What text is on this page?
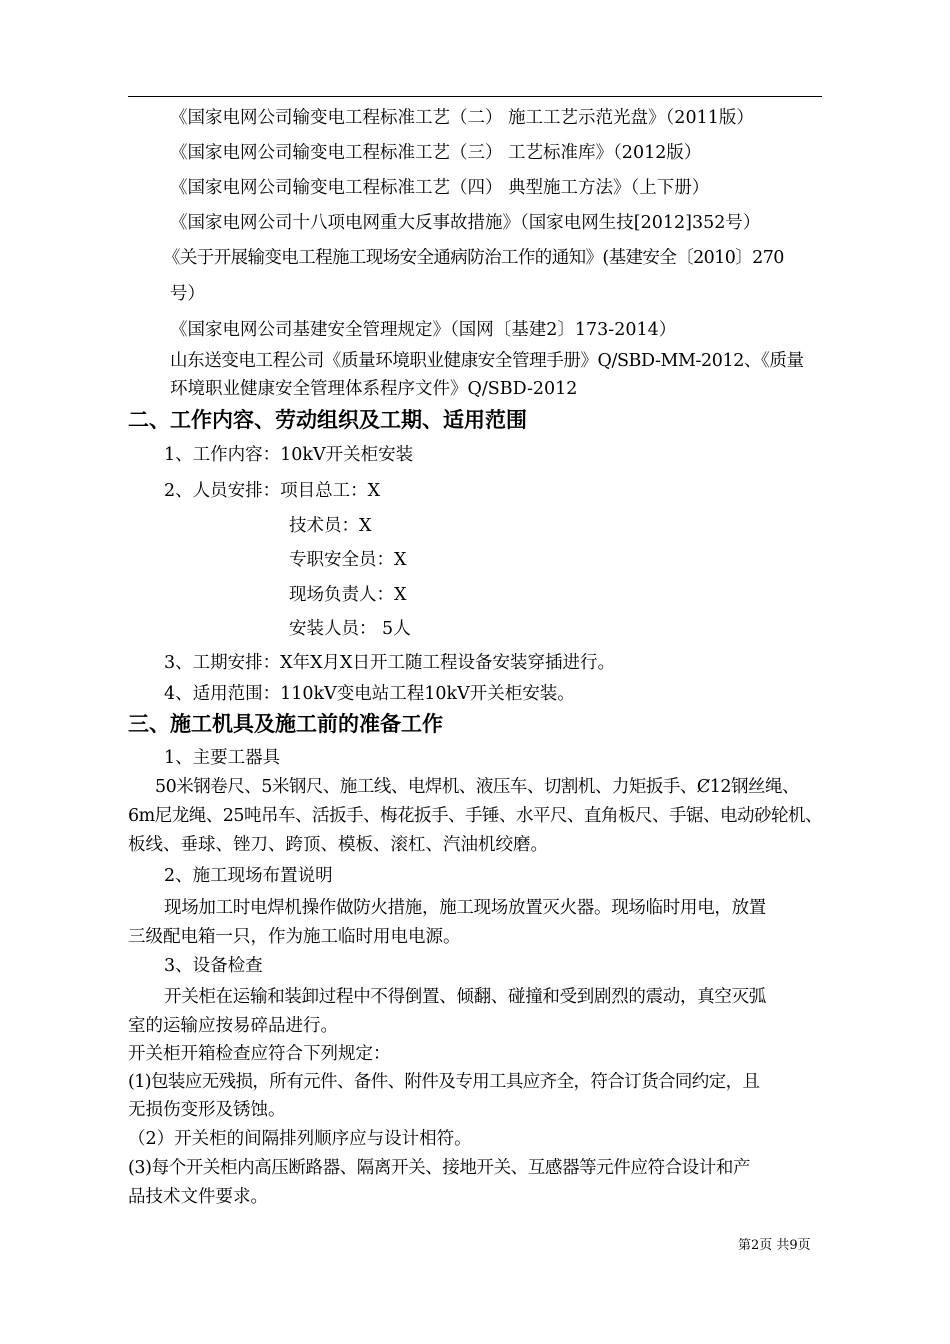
《国家电网公司输变电工程标准工艺（二） 施工工艺示范光盘》（2011版）
《国家电网公司输变电工程标准工艺（三） 工艺标准库》（2012版）
《国家电网公司输变电工程标准工艺（四） 典型施工方法》（上下册）
《国家电网公司十八项电网重大反事故措施》（国家电网生技[2012]352号）
《关于开展输变电工程施工现场安全通病防治工作的通知》(基建安全〔2010〕270
号）
《国家电网公司基建安全管理规定》（国网〔基建2〕173-2014）
山东送变电工程公司《质量环境职业健康安全管理手册》Q/SBD-MM-2012、《质量
环境职业健康安全管理体系程序文件》Q/SBD-2012
二、工作内容、劳动组织及工期、适用范围
1、工作内容：10kV开关柜安装
2、人员安排：项目总工：X
技术员：X
专职安全员：X
现场负责人：X
安装人员： 5人
3、工期安排：X年X月X日开工随工程设备安装穿插进行。
4、适用范围：110kV变电站工程10kV开关柜安装。
三、施工机具及施工前的准备工作
1、主要工器具
50米钢卷尺、5米钢尺、施工线、电焊机、液压车、切割机、力矩扳手、Ȼ12钢丝绳、
6m尼龙绳、25吨吊车、活扳手、梅花扳手、手锤、水平尺、直角板尺、手锯、电动砂轮机、
板线、垂球、锉刀、跨顶、模板、滚杠、汽油机绞磨。
2、施工现场布置说明
现场加工时电焊机操作做防火措施，施工现场放置灭火器。现场临时用电，放置
三级配电箱一只，作为施工临时用电电源。
3、设备检查
开关柜在运输和装卸过程中不得倒置、倾翻、碰撞和受到剧烈的震动，真空灭弧
室的运输应按易碎品进行。
开关柜开箱检查应符合下列规定：
(1)包装应无残损，所有元件、备件、附件及专用工具应齐全，符合订货合同约定，且
无损伤变形及锈蚀。
（2）开关柜的间隔排列顺序应与设计相符。
(3)每个开关柜内高压断路器、隔离开关、接地开关、互感器等元件应符合设计和产
品技术文件要求。
第2页 共9页
